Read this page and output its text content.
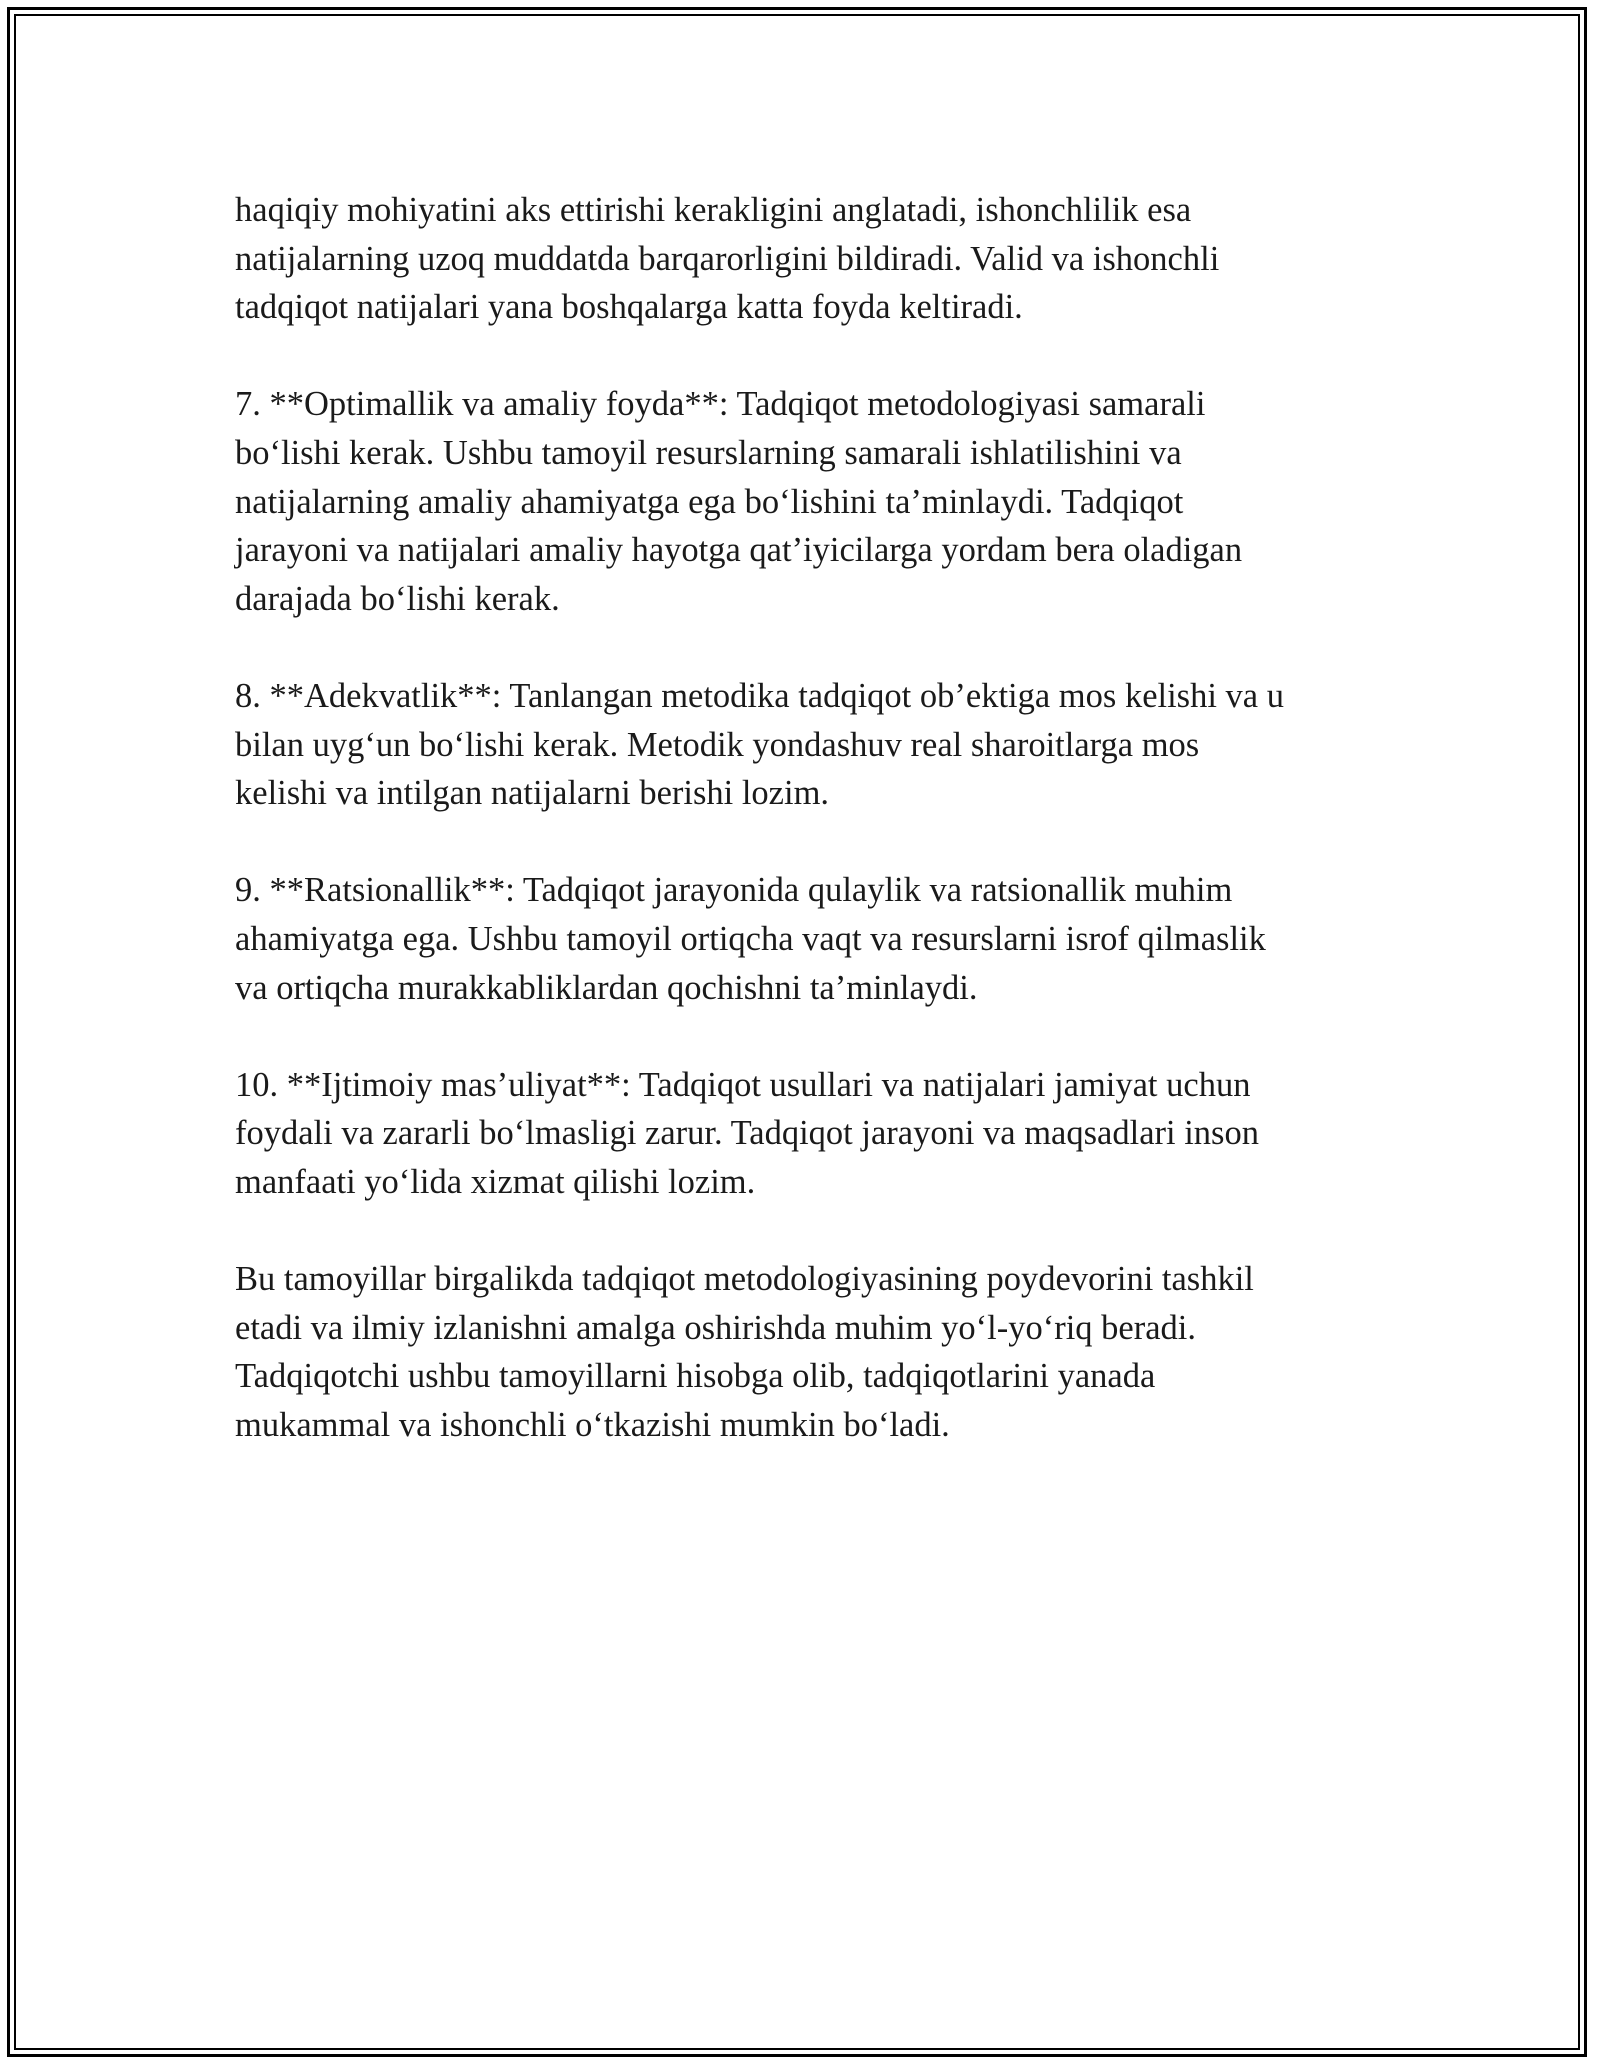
haqiqiy mohiyatini aks ettirishi kerakligini anglatadi, ishonchlilik esa
natijalarning uzoq muddatda barqarorligini bildiradi. Valid va ishonchli
tadqiqot natijalari yana boshqalarga katta foyda keltiradi.

7. **Optimallik va amaliy foyda**: Tadqiqot metodologiyasi samarali
bo‘lishi kerak. Ushbu tamoyil resurslarning samarali ishlatilishini va
natijalarning amaliy ahamiyatga ega bo‘lishini ta’minlaydi. Tadqiqot
jarayoni va natijalari amaliy hayotga qat’iyicilarga yordam bera oladigan
darajada bo‘lishi kerak.

8. **Adekvatlik**: Tanlangan metodika tadqiqot ob’ektiga mos kelishi va u
bilan uyg‘un bo‘lishi kerak. Metodik yondashuv real sharoitlarga mos
kelishi va intilgan natijalarni berishi lozim.

9. **Ratsionallik**: Tadqiqot jarayonida qulaylik va ratsionallik muhim
ahamiyatga ega. Ushbu tamoyil ortiqcha vaqt va resurslarni isrof qilmaslik
va ortiqcha murakkabliklardan qochishni ta’minlaydi.

10. **Ijtimoiy mas’uliyat**: Tadqiqot usullari va natijalari jamiyat uchun
foydali va zararli bo‘lmasligi zarur. Tadqiqot jarayoni va maqsadlari inson
manfaati yo‘lida xizmat qilishi lozim.

Bu tamoyillar birgalikda tadqiqot metodologiyasining poydevorini tashkil
etadi va ilmiy izlanishni amalga oshirishda muhim yo‘l-yo‘riq beradi.
Tadqiqotchi ushbu tamoyillarni hisobga olib, tadqiqotlarini yanada
mukammal va ishonchli o‘tkazishi mumkin bo‘ladi.
